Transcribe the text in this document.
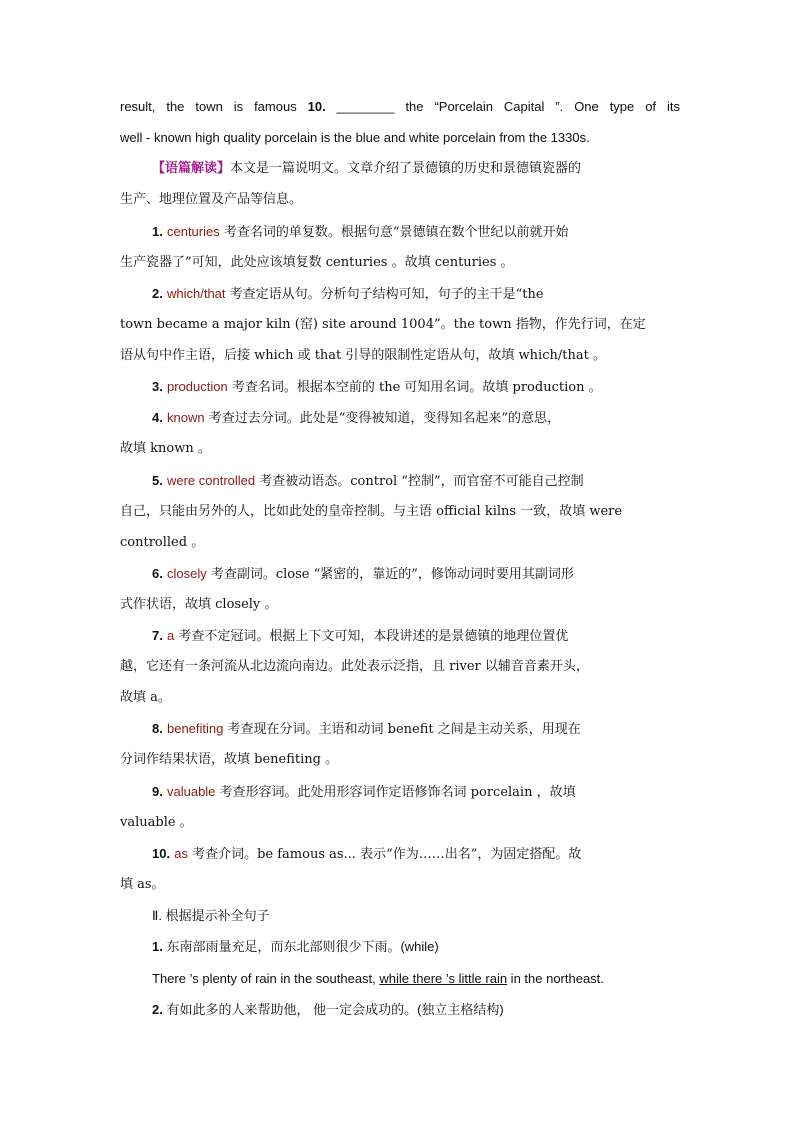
result, the town is famous 10. ________ the “Porcelain Capital ”. One type of its
well - known high quality porcelain is the blue and white porcelain from the 1330s.
【语篇解读】本文是一篇说明文。文章介绍了景德镇的历史和景德镇瓷器的
生产、地理位置及产品等信息。
1. centuries 考查名词的单复数。根据句意“景德镇在数个世纪以前就开始
生产瓷器了”可知，此处应该填复数 centuries 。故填 centuries 。
2. which/that 考查定语从句。分析句子结构可知，句子的主干是“the
town became a major kiln (窑) site around 1004”。the town 指物，作先行词，在定
语从句中作主语，后接 which 或 that 引导的限制性定语从句，故填 which/that 。
3. production 考查名词。根据本空前的 the 可知用名词。故填 production 。
4. known 考查过去分词。此处是“变得被知道，变得知名起来”的意思，
故填 known 。
5. were controlled 考查被动语态。control “控制”，而官窑不可能自己控制
自己，只能由另外的人，比如此处的皇帝控制。与主语 official kilns 一致，故填 were
controlled 。
6. closely 考查副词。close “紧密的，靠近的”，修饰动词时要用其副词形
式作状语，故填 closely 。
7. a 考查不定冠词。根据上下文可知，本段讲述的是景德镇的地理位置优
越，它还有一条河流从北边流向南边。此处表示泛指，且 river 以辅音音素开头，
故填 a。
8. benefiting 考查现在分词。主语和动词 benefit 之间是主动关系，用现在
分词作结果状语，故填 benefiting 。
9. valuable 考查形容词。此处用形容词作定语修饰名词 porcelain ，故填
valuable 。
10. as 考查介词。be famous as... 表示“作为……出名”，为固定搭配。故
填 as。
Ⅱ. 根据提示补全句子
1. 东南部雨量充足，而东北部则很少下雨。(while)
There ’s plenty of rain in the southeast, while there ’s little rain in the northeast.
2. 有如此多的人来帮助他， 他一定会成功的。(独立主格结构)
